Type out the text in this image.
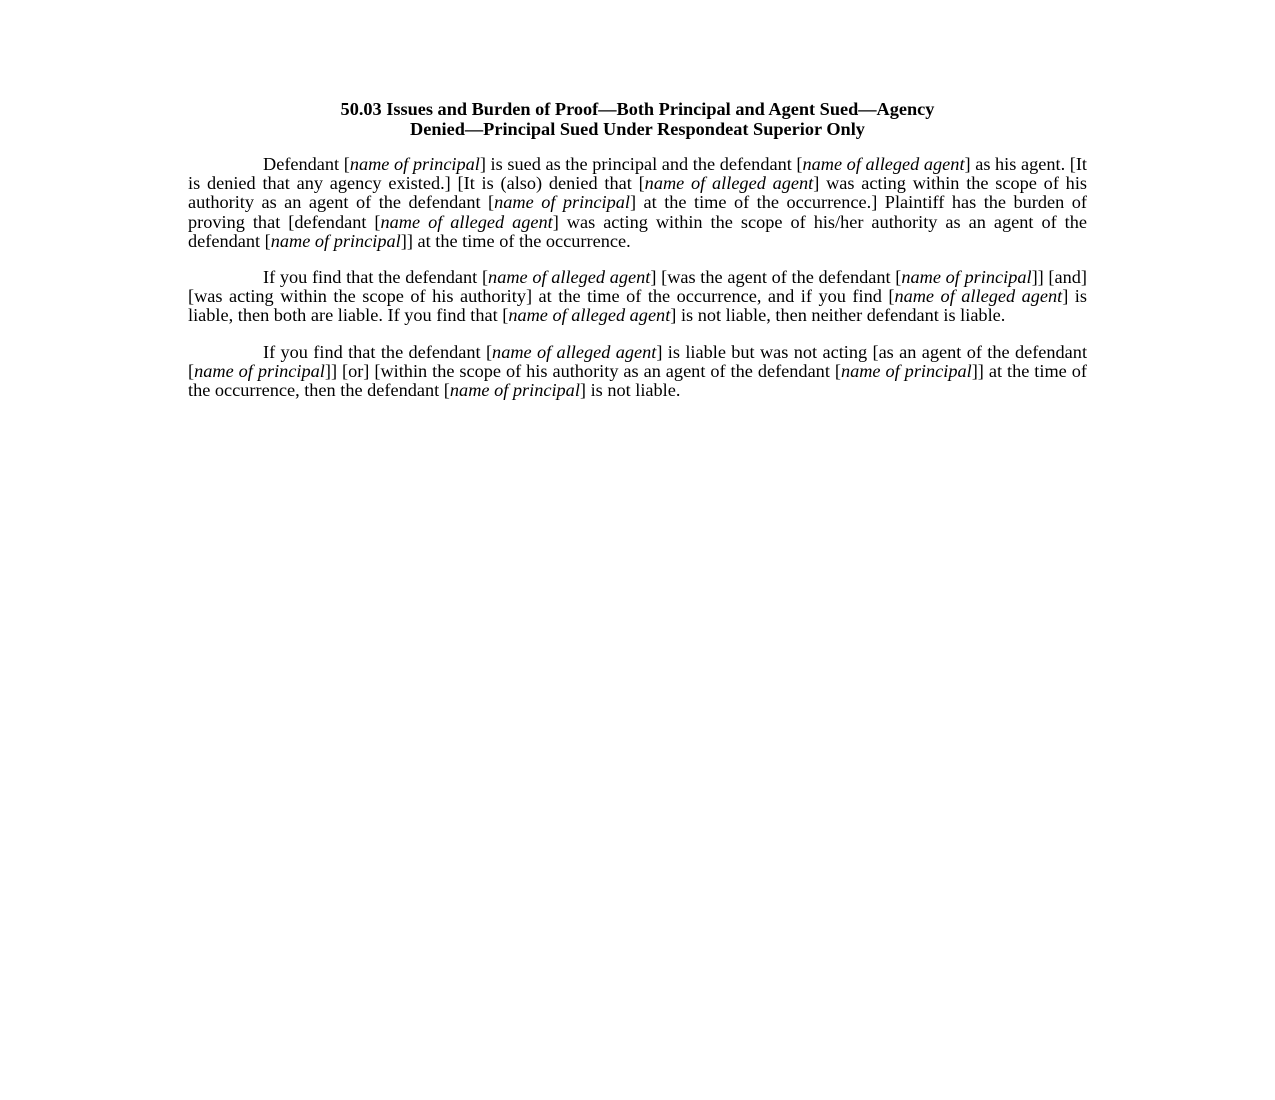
50.03 Issues and Burden of Proof—Both Principal and Agent Sued—Agency
Denied—Principal Sued Under Respondeat Superior Only

Defendant [name of principal] is sued as the principal and the defendant [name of alleged agent] as his agent. [It is denied that any agency existed.] [It is (also) denied that [name of alleged agent] was acting within the scope of his authority as an agent of the defendant [name of principal] at the time of the occurrence.] Plaintiff has the burden of proving that [defendant [name of alleged agent] was acting within the scope of his/her authority as an agent of the defendant [name of principal]] at the time of the occurrence.

If you find that the defendant [name of alleged agent] [was the agent of the defendant [name of principal]] [and] [was acting within the scope of his authority] at the time of the occurrence, and if you find [name of alleged agent] is liable, then both are liable. If you find that [name of alleged agent] is not liable, then neither defendant is liable.

If you find that the defendant [name of alleged agent] is liable but was not acting [as an agent of the defendant [name of principal]] [or] [within the scope of his authority as an agent of the defendant [name of principal]] at the time of the occurrence, then the defendant [name of principal] is not liable.
